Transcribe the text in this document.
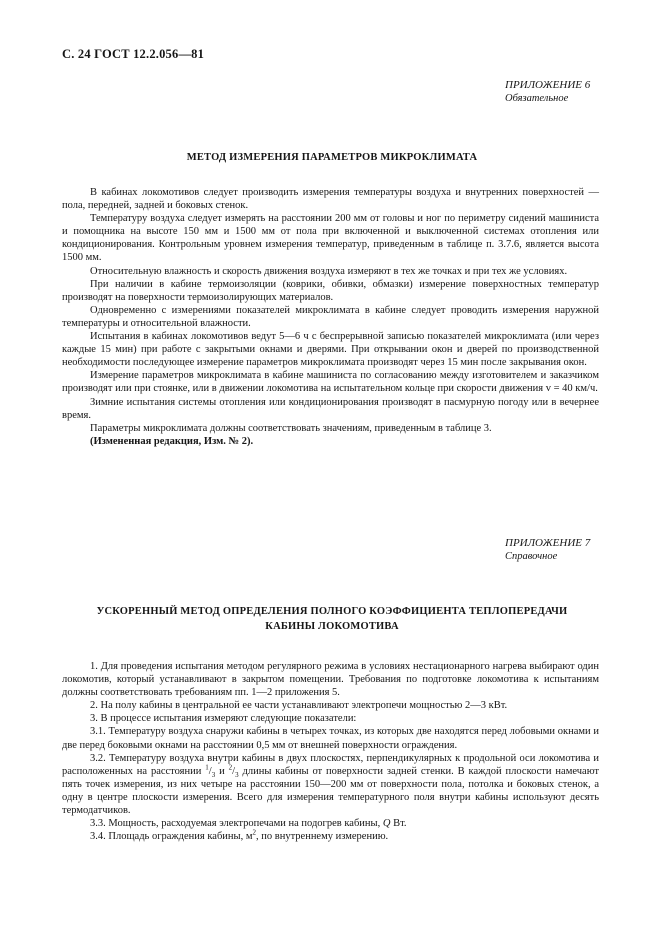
С. 24 ГОСТ 12.2.056—81
ПРИЛОЖЕНИЕ 6
Обязательное
МЕТОД ИЗМЕРЕНИЯ ПАРАМЕТРОВ МИКРОКЛИМАТА

В кабинах локомотивов следует производить измерения температуры воздуха и внутренних поверхностей — пола, передней, задней и боковых стенок.

Температуру воздуха следует измерять на расстоянии 200 мм от головы и ног по периметру сидений машиниста и помощника на высоте 150 мм и 1500 мм от пола при включенной и выключенной системах отопления или кондиционирования. Контрольным уровнем измерения температур, приведенным в таблице п. 3.7.6, является высота 1500 мм.

Относительную влажность и скорость движения воздуха измеряют в тех же точках и при тех же условиях.

При наличии в кабине термоизоляции (коврики, обивки, обмазки) измерение поверхностных температур производят на поверхности термоизолирующих материалов.

Одновременно с измерениями показателей микроклимата в кабине следует проводить измерения наружной температуры и относительной влажности.

Испытания в кабинах локомотивов ведут 5—6 ч с беспрерывной записью показателей микроклимата (или через каждые 15 мин) при работе с закрытыми окнами и дверями. При открывании окон и дверей по производственной необходимости последующее измерение параметров микроклимата производят через 15 мин после закрывания окон.

Измерение параметров микроклимата в кабине машиниста по согласованию между изготовителем и заказчиком производят или при стоянке, или в движении локомотива на испытательном кольце при скорости движения v = 40 км/ч.

Зимние испытания системы отопления или кондиционирования производят в пасмурную погоду или в вечернее время.

Параметры микроклимата должны соответствовать значениям, приведенным в таблице 3.

(Измененная редакция, Изм. № 2).

ПРИЛОЖЕНИЕ 7
Справочное
УСКОРЕННЫЙ МЕТОД ОПРЕДЕЛЕНИЯ ПОЛНОГО КОЭФФИЦИЕНТА ТЕПЛОПЕРЕДАЧИ
КАБИНЫ ЛОКОМОТИВА

1. Для проведения испытания методом регулярного режима в условиях нестационарного нагрева выбирают один локомотив, который устанавливают в закрытом помещении. Требования по подготовке локомотива к испытаниям должны соответствовать требованиям пп. 1—2 приложения 5.

2. На полу кабины в центральной ее части устанавливают электропечи мощностью 2—3 кВт.

3. В процессе испытания измеряют следующие показатели:

3.1. Температуру воздуха снаружи кабины в четырех точках, из которых две находятся перед лобовыми окнами и две перед боковыми окнами на расстоянии 0,5 мм от внешней поверхности ограждения.

3.2. Температуру воздуха внутри кабины в двух плоскостях, перпендикулярных к продольной оси локомотива и расположенных на расстоянии $^1/_3$ и $^2/_3$ длины кабины от поверхности задней стенки. В каждой плоскости намечают пять точек измерения, из них четыре на расстоянии 150—200 мм от поверхности пола, потолка и боковых стенок, а одну в центре плоскости измерения. Всего для измерения температурного поля внутри кабины используют десять термодатчиков.

3.3. Мощность, расходуемая электропечами на подогрев кабины, Q Вт.

3.4. Площадь ограждения кабины, $м^2$, по внутреннему измерению.
